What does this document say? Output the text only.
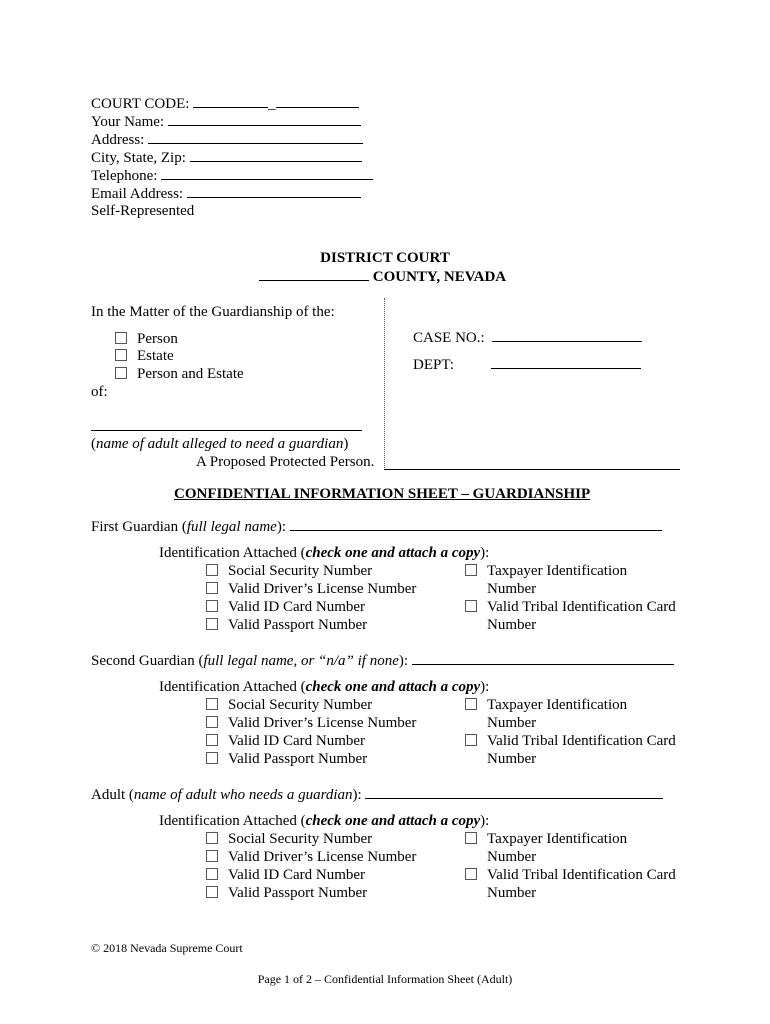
COURT CODE:	_
Your Name:
Address:
City, State, Zip:
Telephone:
Email Address:
Self-Represented
DISTRICT COURT
COUNTY, NEVADA
In the Matter of the Guardianship of the:
Person
Estate
Person and Estate
of:
(name of adult alleged to need a guardian)
A Proposed Protected Person.
CASE NO.:
DEPT:
CONFIDENTIAL INFORMATION SHEET – GUARDIANSHIP
First Guardian (full legal name):
Identification Attached (check one and attach a copy):
Social Security Number
Valid Driver’s License Number
Valid ID Card Number
Valid Passport Number
Taxpayer Identification
Number
Valid Tribal Identification Card
Number
Second Guardian (full legal name, or “n/a” if none):
Identification Attached (check one and attach a copy):
Social Security Number
Valid Driver’s License Number
Valid ID Card Number
Valid Passport Number
Taxpayer Identification
Number
Valid Tribal Identification Card
Number
Adult (name of adult who needs a guardian):
Identification Attached (check one and attach a copy):
Social Security Number
Valid Driver’s License Number
Valid ID Card Number
Valid Passport Number
Taxpayer Identification
Number
Valid Tribal Identification Card
Number
© 2018 Nevada Supreme Court
Page 1 of 2 – Confidential Information Sheet (Adult)
